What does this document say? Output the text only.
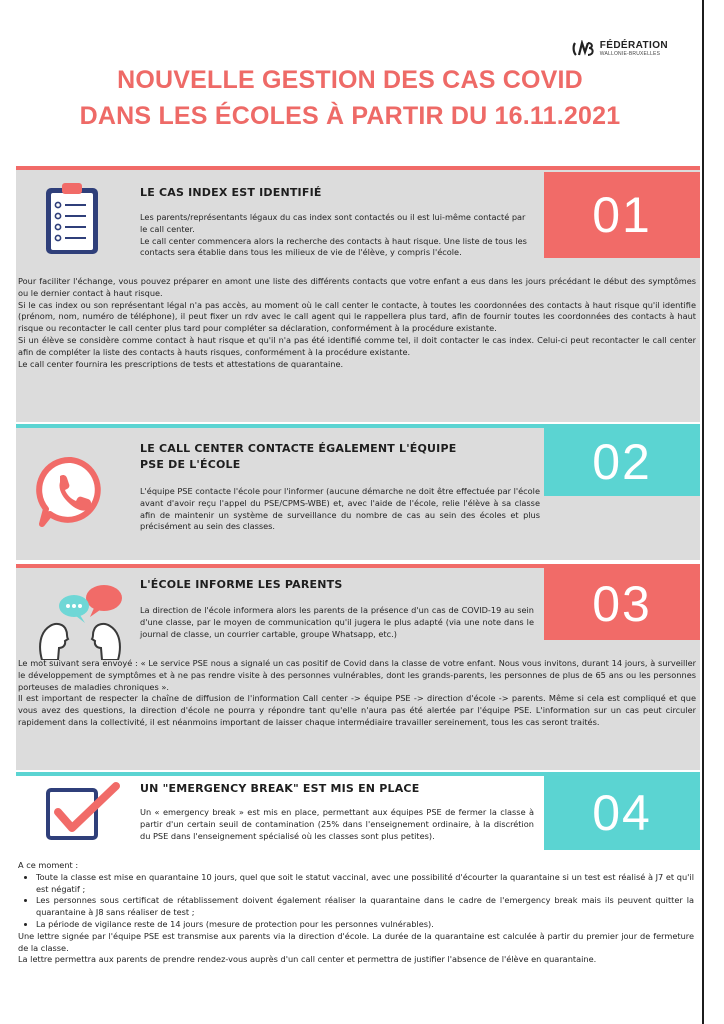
FÉDÉRATION
WALLONIE-BRUXELLES
NOUVELLE GESTION DES CAS COVID
DANS LES ÉCOLES À PARTIR DU 16.11.2021
01
LE CAS INDEX EST IDENTIFIÉ

Les parents/représentants légaux du cas index sont contactés ou il est lui-même contacté par le call center.

Le call center commencera alors la recherche des contacts à haut risque. Une liste de tous les contacts sera établie dans tous les milieux de vie de l'élève, y compris l'école.

Pour faciliter l'échange, vous pouvez préparer en amont une liste des différents contacts que votre enfant a eus dans les jours précédant le début des symptômes ou le dernier contact à haut risque.

Si le cas index ou son représentant légal n'a pas accès, au moment où le call center le contacte, à toutes les coordonnées des contacts à haut risque qu'il identifie (prénom, nom, numéro de téléphone), il peut fixer un rdv avec le call agent qui le rappellera plus tard, afin de fournir toutes les coordonnées des contacts à haut risque ou recontacter le call center plus tard pour compléter sa déclaration, conformément à la procédure existante.

Si un élève se considère comme contact à haut risque et qu'il n'a pas été identifié comme tel, il doit contacter le cas index. Celui-ci peut recontacter le call center afin de compléter la liste des contacts à hauts risques, conformément à la procédure existante.

Le call center fournira les prescriptions de tests et attestations de quarantaine.

02
LE CALL CENTER CONTACTE ÉGALEMENT L'ÉQUIPE
PSE DE L'ÉCOLE
L'équipe PSE contacte l'école pour l'informer (aucune démarche ne doit être effectuée par l'école avant d'avoir reçu l'appel du PSE/CPMS-WBE) et, avec l'aide de l'école, relie l'élève à sa classe afin de maintenir un système de surveillance du nombre de cas au sein des écoles et plus précisément au sein des classes.
03
L'ÉCOLE INFORME LES PARENTS
La direction de l'école informera alors les parents de la présence d'un cas de COVID-19 au sein d'une classe, par le moyen de communication qu'il jugera le plus adapté (via une note dans le journal de classe, un courrier cartable, groupe Whatsapp, etc.)

Le mot suivant sera envoyé : « Le service PSE nous a signalé un cas positif de Covid dans la classe de votre enfant. Nous vous invitons, durant 14 jours, à surveiller le développement de symptômes et à ne pas rendre visite à des personnes vulnérables, dont les grands-parents, les personnes de plus de 65 ans ou les personnes porteuses de maladies chroniques ».

Il est important de respecter la chaîne de diffusion de l'information Call center -> équipe PSE -> direction d'école -> parents. Même si cela est compliqué et que vous avez des questions, la direction d'école ne pourra y répondre tant qu'elle n'aura pas été alertée par l'équipe PSE. L'information sur un cas peut circuler rapidement dans la collectivité, il est néanmoins important de laisser chaque intermédiaire travailler sereinement, tous les cas seront traités.

04
UN "EMERGENCY BREAK" EST MIS EN PLACE
Un « emergency break » est mis en place, permettant aux équipes PSE de fermer la classe à partir d'un certain seuil de contamination (25% dans l'enseignement ordinaire, à la discrétion du PSE dans l'enseignement spécialisé où les classes sont plus petites).

A ce moment :

• Toute la classe est mise en quarantaine 10 jours, quel que soit le statut vaccinal, avec une possibilité d'écourter la quarantaine si un test est réalisé à J7 et qu'il est négatif ;
• Les personnes sous certificat de rétablissement doivent également réaliser la quarantaine dans le cadre de l'emergency break mais ils peuvent quitter la quarantaine à J8 sans réaliser de test ;
• La période de vigilance reste de 14 jours (mesure de protection pour les personnes vulnérables).

Une lettre signée par l'équipe PSE est transmise aux parents via la direction d'école. La durée de la quarantaine est calculée à partir du premier jour de fermeture de la classe.

La lettre permettra aux parents de prendre rendez-vous auprès d'un call center et permettra de justifier l'absence de l'élève en quarantaine.
